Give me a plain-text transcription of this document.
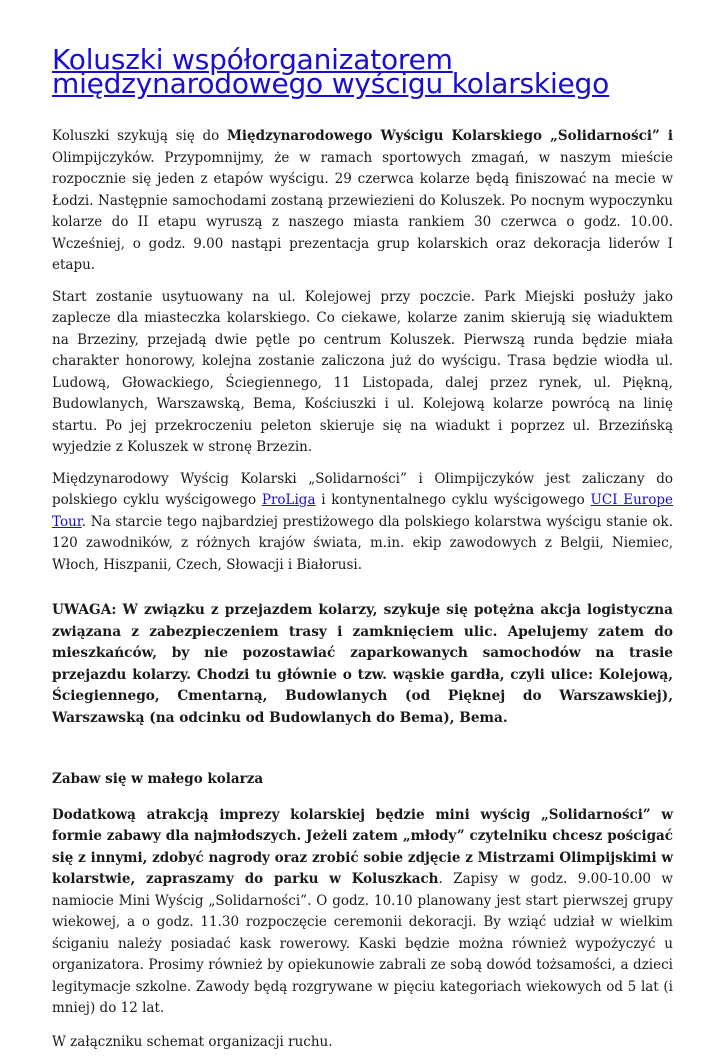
Koluszki współorganizatorem międzynarodowego wyścigu kolarskiego

Koluszki szykują się do Międzynarodowego Wyścigu Kolarskiego „Solidarności” i Olimpijczyków. Przypomnijmy, że w ramach sportowych zmagań, w naszym mieście rozpocznie się jeden z etapów wyścigu. 29 czerwca kolarze będą finiszować na mecie w Łodzi. Następnie samochodami zostaną przewiezieni do Koluszek. Po nocnym wypoczynku kolarze do II etapu wyruszą z naszego miasta rankiem 30 czerwca o godz. 10.00. Wcześniej, o godz. 9.00 nastąpi prezentacja grup kolarskich oraz dekoracja liderów I etapu.

Start zostanie usytuowany na ul. Kolejowej przy poczcie. Park Miejski posłuży jako zaplecze dla miasteczka kolarskiego. Co ciekawe, kolarze zanim skierują się wiaduktem na Brzeziny, przejadą dwie pętle po centrum Koluszek. Pierwszą runda będzie miała charakter honorowy, kolejna zostanie zaliczona już do wyścigu. Trasa będzie wiodła ul. Ludową, Głowackiego, Ściegiennego, 11 Listopada, dalej przez rynek, ul. Piękną, Budowlanych, Warszawską, Bema, Kościuszki i ul. Kolejową kolarze powrócą na linię startu. Po jej przekroczeniu peleton skieruje się na wiadukt i poprzez ul. Brzezińską wyjedzie z Koluszek w stronę Brzezin.

Międzynarodowy Wyścig Kolarski „Solidarności” i Olimpijczyków jest zaliczany do polskiego cyklu wyścigowego ProLiga i kontynentalnego cyklu wyścigowego UCI Europe Tour. Na starcie tego najbardziej prestiżowego dla polskiego kolarstwa wyścigu stanie ok. 120 zawodników, z różnych krajów świata, m.in. ekip zawodowych z Belgii, Niemiec, Włoch, Hiszpanii, Czech, Słowacji i Białorusi.

UWAGA: W związku z przejazdem kolarzy, szykuje się potężna akcja logistyczna związana z zabezpieczeniem trasy i zamknięciem ulic. Apelujemy zatem do mieszkańców, by nie pozostawiać zaparkowanych samochodów na trasie przejazdu kolarzy. Chodzi tu głównie o tzw. wąskie gardła, czyli ulice: Kolejową, Ściegiennego, Cmentarną, Budowlanych (od Pięknej do Warszawskiej), Warszawską (na odcinku od Budowlanych do Bema), Bema.

Zabaw się w małego kolarza

Dodatkową atrakcją imprezy kolarskiej będzie mini wyścig „Solidarności” w formie zabawy dla najmłodszych. Jeżeli zatem „młody” czytelniku chcesz pościgać się z innymi, zdobyć nagrody oraz zrobić sobie zdjęcie z Mistrzami Olimpijskimi w kolarstwie, zapraszamy do parku w Koluszkach. Zapisy w godz. 9.00-10.00 w namiocie Mini Wyścig „Solidarności”. O godz. 10.10 planowany jest start pierwszej grupy wiekowej, a o godz. 11.30 rozpoczęcie ceremonii dekoracji. By wziąć udział w wielkim ściganiu należy posiadać kask rowerowy. Kaski będzie można również wypożyczyć u organizatora. Prosimy również by opiekunowie zabrali ze sobą dowód tożsamości, a dzieci legitymacje szkolne. Zawody będą rozgrywane w pięciu kategoriach wiekowych od 5 lat (i mniej) do 12 lat.

W załączniku schemat organizacji ruchu.
